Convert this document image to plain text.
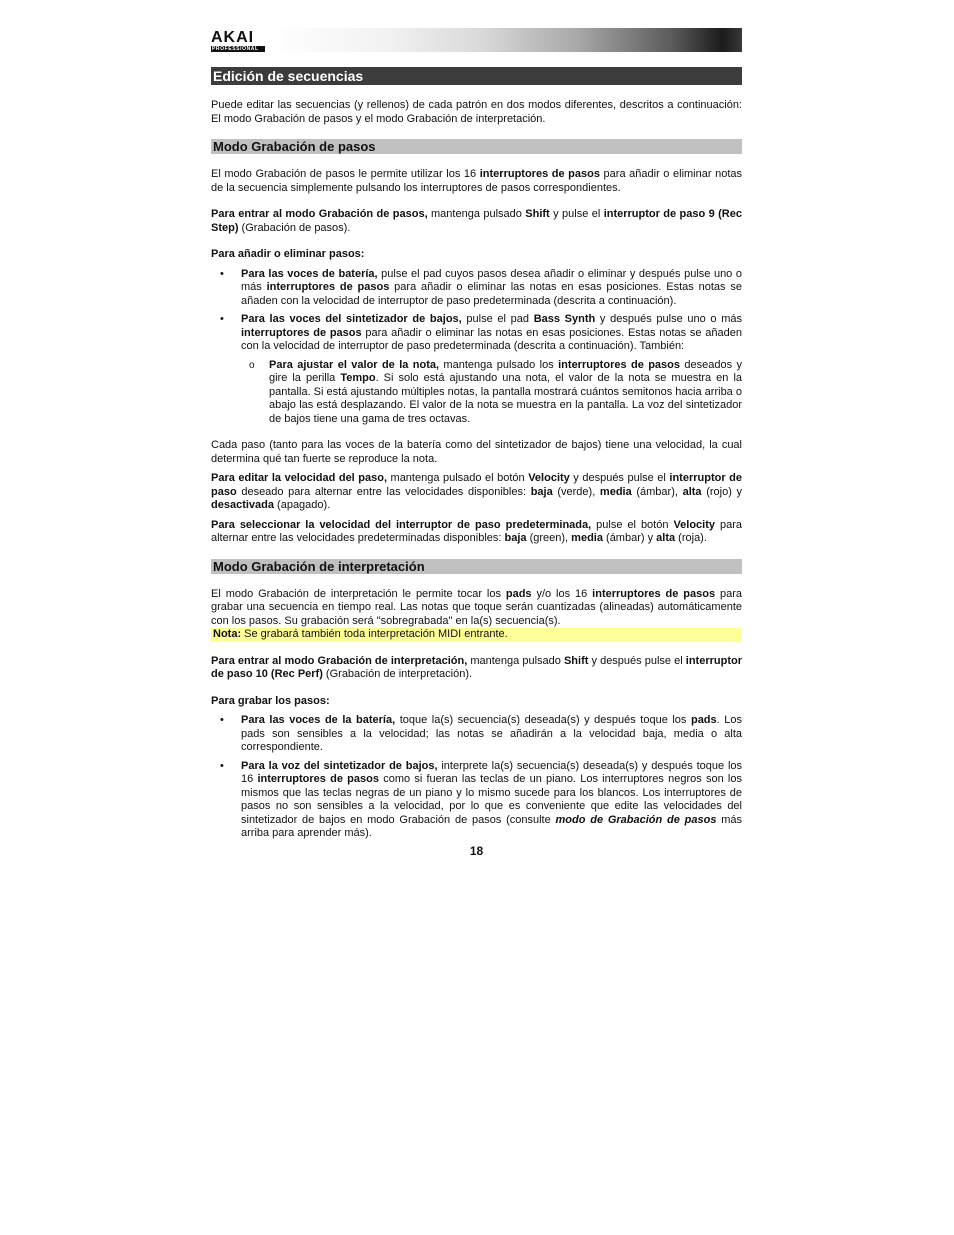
AKAI
PROFESSIONAL
Edición de secuencias

Puede editar las secuencias (y rellenos) de cada patrón en dos modos diferentes, descritos a continuación: El modo Grabación de pasos y el modo Grabación de interpretación.

Modo Grabación de pasos

El modo Grabación de pasos le permite utilizar los 16 interruptores de pasos para añadir o eliminar notas de la secuencia simplemente pulsando los interruptores de pasos correspondientes.

Para entrar al modo Grabación de pasos, mantenga pulsado Shift y pulse el interruptor de paso 9 (Rec Step) (Grabación de pasos).

Para añadir o eliminar pasos:

• Para las voces de batería, pulse el pad cuyos pasos desea añadir o eliminar y después pulse uno o más interruptores de pasos para añadir o eliminar las notas en esas posiciones. Estas notas se añaden con la velocidad de interruptor de paso predeterminada (descrita a continuación).
• Para las voces del sintetizador de bajos, pulse el pad Bass Synth y después pulse uno o más interruptores de pasos para añadir o eliminar las notas en esas posiciones. Estas notas se añaden con la velocidad de interruptor de paso predeterminada (descrita a continuación). También:
o Para ajustar el valor de la nota, mantenga pulsado los interruptores de pasos deseados y gire la perilla Tempo. Si solo está ajustando una nota, el valor de la nota se muestra en la pantalla. Si está ajustando múltiples notas, la pantalla mostrará cuántos semitonos hacia arriba o abajo las está desplazando. El valor de la nota se muestra en la pantalla. La voz del sintetizador de bajos tiene una gama de tres octavas.

Cada paso (tanto para las voces de la batería como del sintetizador de bajos) tiene una velocidad, la cual determina qué tan fuerte se reproduce la nota.

Para editar la velocidad del paso, mantenga pulsado el botón Velocity y después pulse el interruptor de paso deseado para alternar entre las velocidades disponibles: baja (verde), media (ámbar), alta (rojo) y desactivada (apagado).

Para seleccionar la velocidad del interruptor de paso predeterminada, pulse el botón Velocity para alternar entre las velocidades predeterminadas disponibles: baja (green), media (ámbar) y alta (roja).

Modo Grabación de interpretación

El modo Grabación de interpretación le permite tocar los pads y/o los 16 interruptores de pasos para grabar una secuencia en tiempo real. Las notas que toque serán cuantizadas (alineadas) automáticamente con los pasos. Su grabación será "sobregrabada" en la(s) secuencia(s).

Nota: Se grabará también toda interpretación MIDI entrante.

Para entrar al modo Grabación de interpretación, mantenga pulsado Shift y después pulse el interruptor de paso 10 (Rec Perf) (Grabación de interpretación).

Para grabar los pasos:

• Para las voces de la batería, toque la(s) secuencia(s) deseada(s) y después toque los pads. Los pads son sensibles a la velocidad; las notas se añadirán a la velocidad baja, media o alta correspondiente.
• Para la voz del sintetizador de bajos, interprete la(s) secuencia(s) deseada(s) y después toque los 16 interruptores de pasos como si fueran las teclas de un piano. Los interruptores negros son los mismos que las teclas negras de un piano y lo mismo sucede para los blancos. Los interruptores de pasos no son sensibles a la velocidad, por lo que es conveniente que edite las velocidades del sintetizador de bajos en modo Grabación de pasos (consulte modo de Grabación de pasos más arriba para aprender más).
18
